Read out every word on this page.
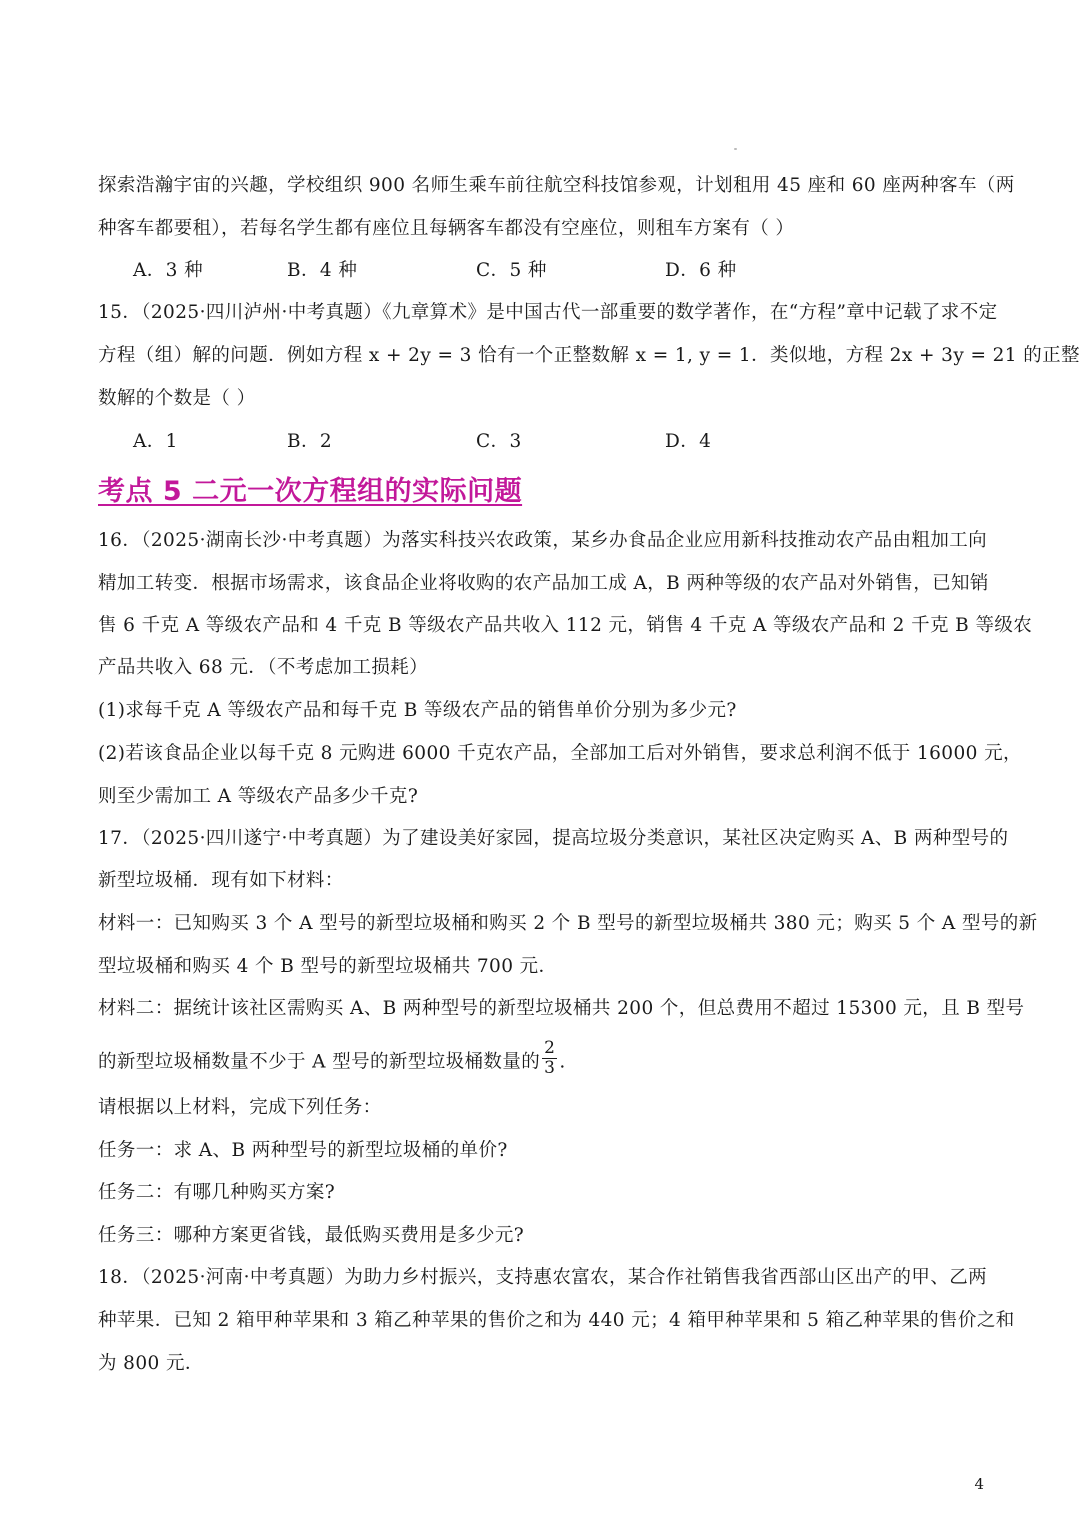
探索浩瀚宇宙的兴趣，学校组织 900 名师生乘车前往航空科技馆参观，计划租用 45 座和 60 座两种客车（两
种客车都要租），若每名学生都有座位且每辆客车都没有空座位，则租车方案有（ ）
A．3 种	B．4 种	C．5 种	D．6 种
15．（2025·四川泸州·中考真题）《九章算术》是中国古代一部重要的数学著作，在“方程”章中记载了求不定
方程（组）解的问题．例如方程 x + 2y = 3 恰有一个正整数解 x = 1, y = 1．类似地，方程 2x + 3y = 21 的正整
数解的个数是（ ）
A．1	B．2	C．3	D．4
考点 5 二元一次方程组的实际问题
16．（2025·湖南长沙·中考真题）为落实科技兴农政策，某乡办食品企业应用新科技推动农产品由粗加工向
精加工转变．根据市场需求，该食品企业将收购的农产品加工成 A，B 两种等级的农产品对外销售，已知销
售 6 千克 A 等级农产品和 4 千克 B 等级农产品共收入 112 元，销售 4 千克 A 等级农产品和 2 千克 B 等级农
产品共收入 68 元．（不考虑加工损耗）
(1)求每千克 A 等级农产品和每千克 B 等级农产品的销售单价分别为多少元?
(2)若该食品企业以每千克 8 元购进 6000 千克农产品，全部加工后对外销售，要求总利润不低于 16000 元，
则至少需加工 A 等级农产品多少千克?
17．（2025·四川遂宁·中考真题）为了建设美好家园，提高垃圾分类意识，某社区决定购买 A、B 两种型号的
新型垃圾桶．现有如下材料：
材料一：已知购买 3 个 A 型号的新型垃圾桶和购买 2 个 B 型号的新型垃圾桶共 380 元；购买 5 个 A 型号的新
型垃圾桶和购买 4 个 B 型号的新型垃圾桶共 700 元．
材料二：据统计该社区需购买 A、B 两种型号的新型垃圾桶共 200 个，但总费用不超过 15300 元，且 B 型号
的新型垃圾桶数量不少于 A 型号的新型垃圾桶数量的 $\frac{2}{3}$ .
请根据以上材料，完成下列任务：
任务一：求 A、B 两种型号的新型垃圾桶的单价?
任务二：有哪几种购买方案?
任务三：哪种方案更省钱，最低购买费用是多少元?
18．（2025·河南·中考真题）为助力乡村振兴，支持惠农富农，某合作社销售我省西部山区出产的甲、乙两
种苹果．已知 2 箱甲种苹果和 3 箱乙种苹果的售价之和为 440 元；4 箱甲种苹果和 5 箱乙种苹果的售价之和
为 800 元．
4
